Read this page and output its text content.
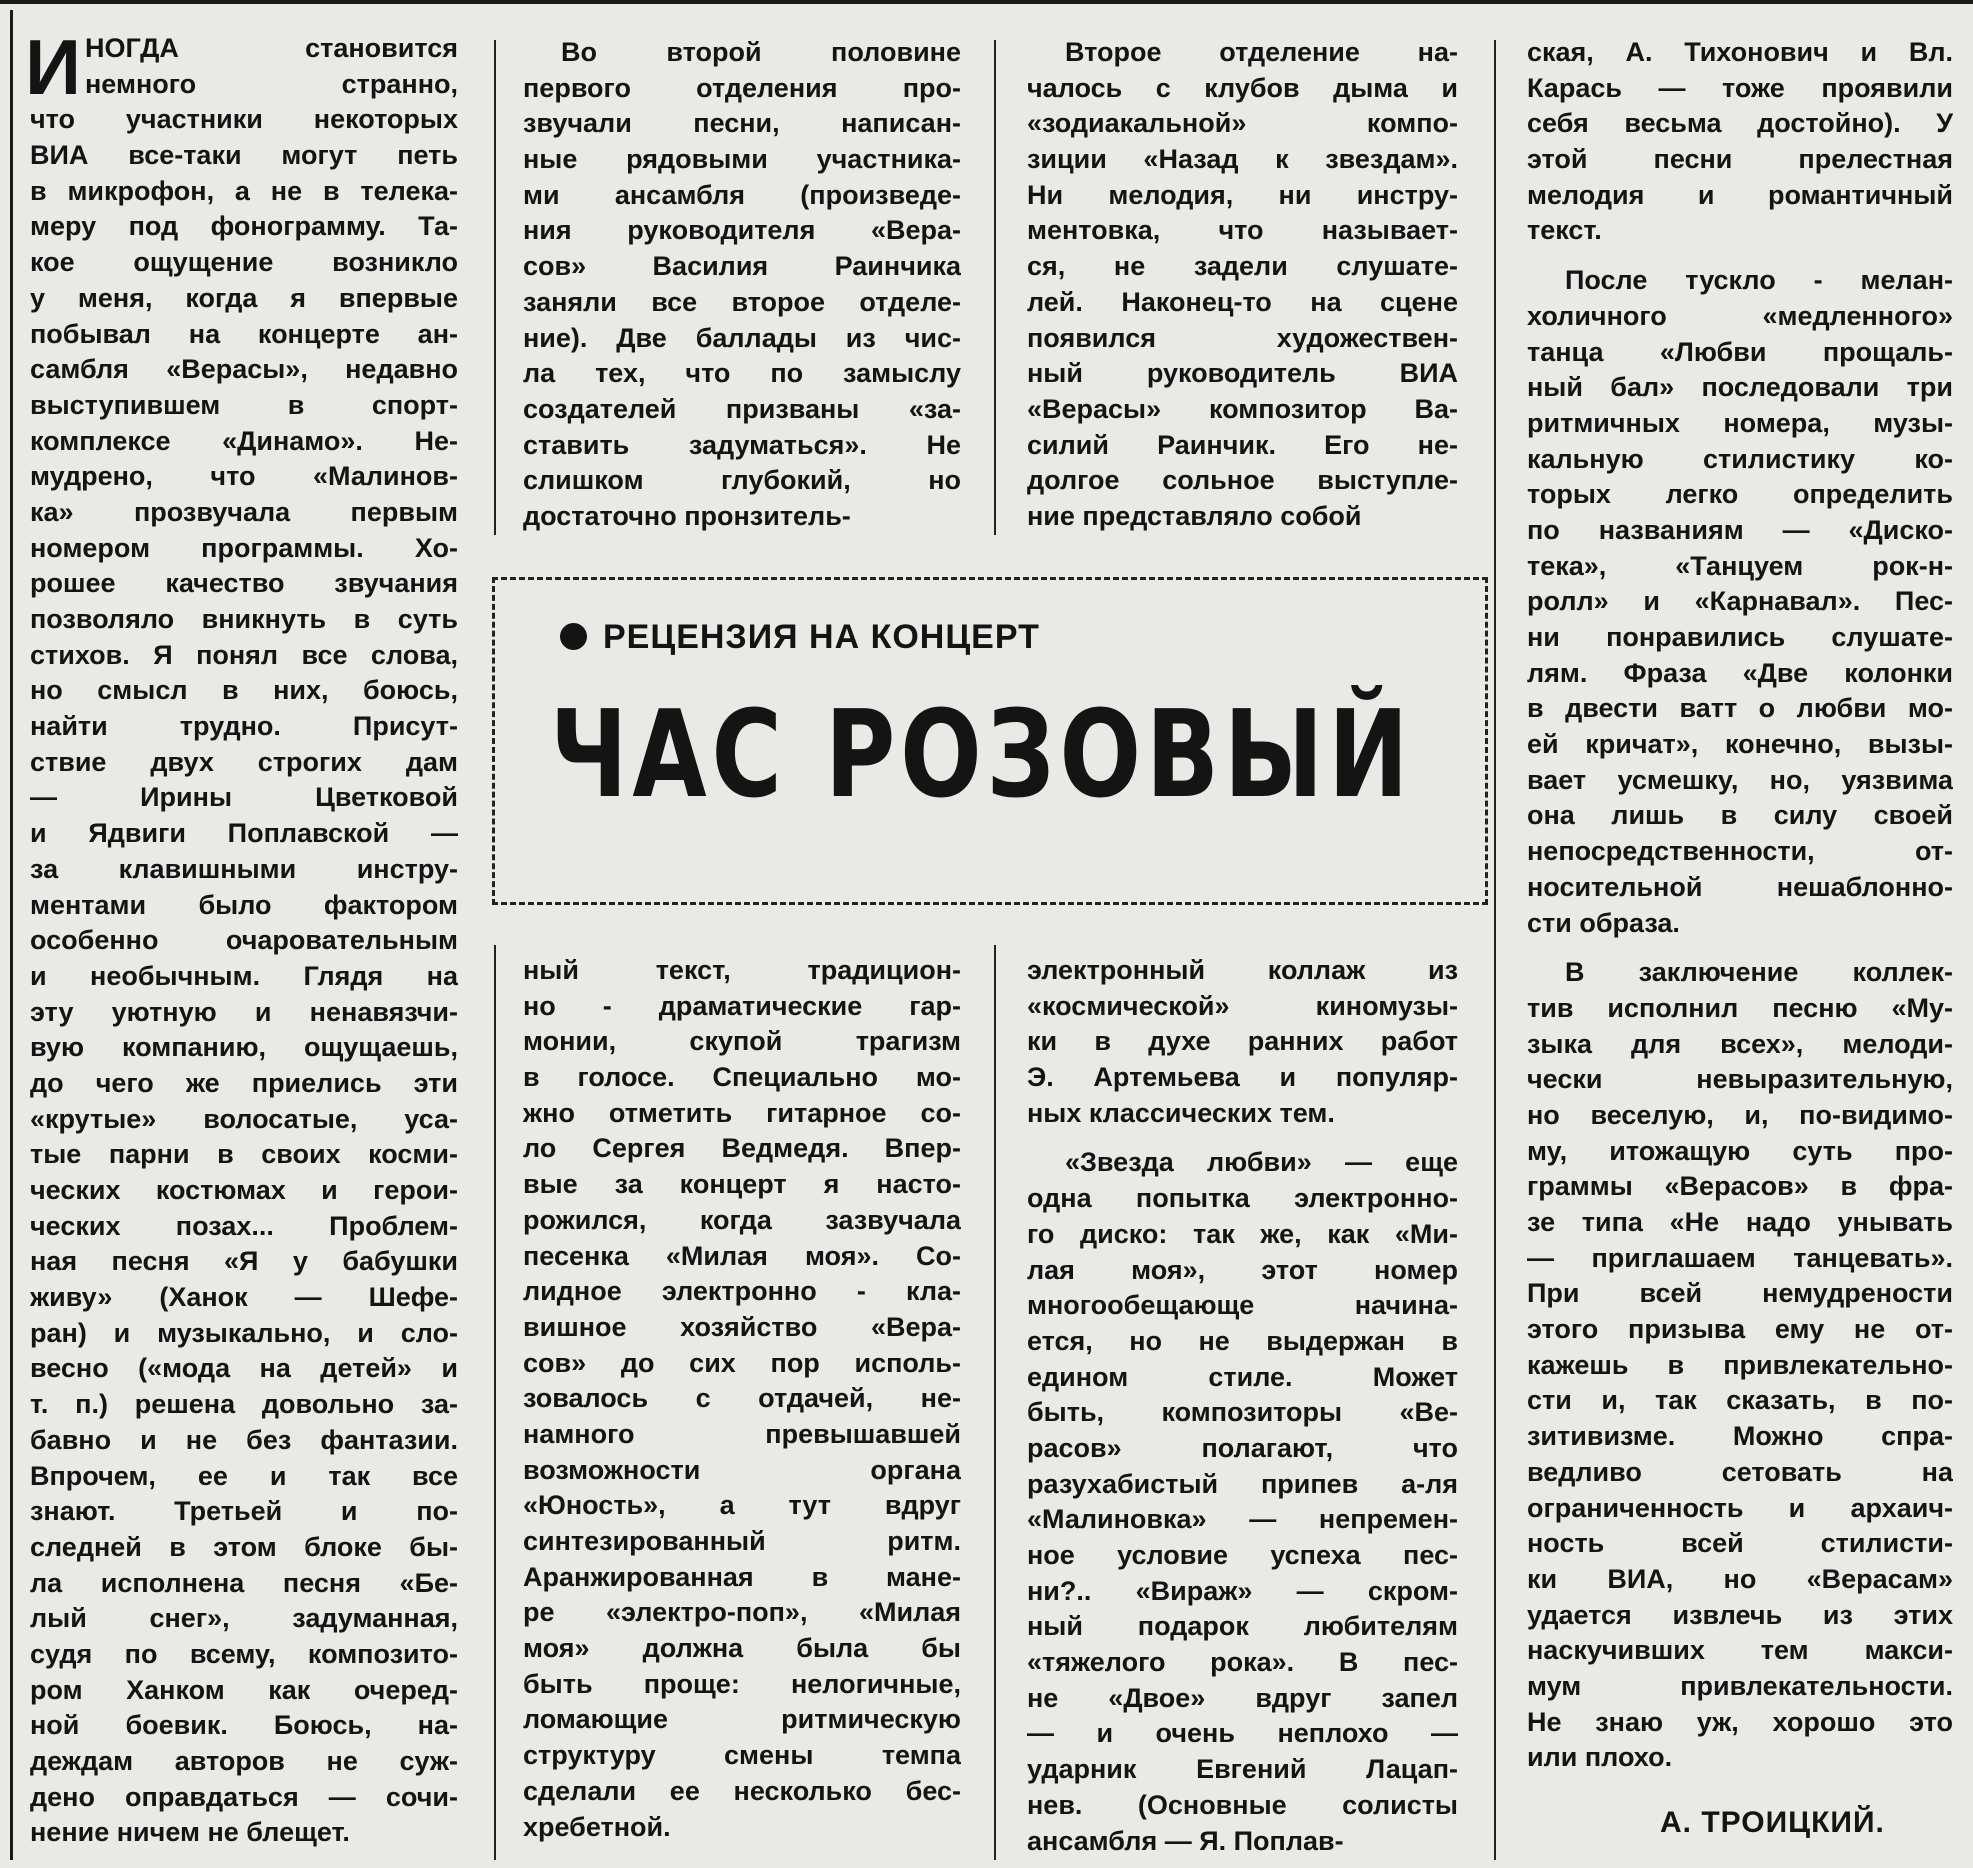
И НОГДА становится
немного странно,
что участники некоторых
ВИА все-таки могут петь
в микрофон, а не в телека-
меру под фонограмму. Та-
кое ощущение возникло
у меня, когда я впервые
побывал на концерте ан-
самбля «Верасы», недавно
выступившем в спорт-
комплексе «Динамо». Не-
мудрено, что «Малинов-
ка» прозвучала первым
номером программы. Хо-
рошее качество звучания
позволяло вникнуть в суть
стихов. Я понял все слова,
но смысл в них, боюсь,
найти трудно. Присут-
ствие двух строгих дам
— Ирины Цветковой
и Ядвиги Поплавской —
за клавишными инстру-
ментами было фактором
особенно очаровательным
и необычным. Глядя на
эту уютную и ненавязчи-
вую компанию, ощущаешь,
до чего же приелись эти
«крутые» волосатые, уса-
тые парни в своих косми-
ческих костюмах и герои-
ческих позах... Проблем-
ная песня «Я у бабушки
живу» (Ханок — Шефе-
ран) и музыкально, и сло-
весно («мода на детей» и
т. п.) решена довольно за-
бавно и не без фантазии.
Впрочем, ее и так все
знают. Третьей и по-
следней в этом блоке бы-
ла исполнена песня «Бе-
лый снег», задуманная,
судя по всему, композито-
ром Ханком как очеред-
ной боевик. Боюсь, на-
деждам авторов не суж-
дено оправдаться — сочи-
нение ничем не блещет.
Во второй половине
первого отделения про-
звучали песни, написан-
ные рядовыми участника-
ми ансамбля (произведе-
ния руководителя «Вера-
сов» Василия Раинчика
заняли все второе отделе-
ние). Две баллады из чис-
ла тех, что по замыслу
создателей призваны «за-
ставить задуматься». Не
слишком глубокий, но
достаточно пронзитель-
ный текст, традицион-
но - драматические гар-
монии, скупой трагизм
в голосе. Специально мо-
жно отметить гитарное со-
ло Сергея Ведмедя. Впер-
вые за концерт я насто-
рожился, когда зазвучала
песенка «Милая моя». Со-
лидное электронно - кла-
вишное хозяйство «Вера-
сов» до сих пор исполь-
зовалось с отдачей, не-
намного превышавшей
возможности органа
«Юность», а тут вдруг
синтезированный ритм.
Аранжированная в мане-
ре «электро-поп», «Милая
моя» должна была бы
быть проще: нелогичные,
ломающие ритмическую
структуру смены темпа
сделали ее несколько бес-
хребетной.
Второе отделение на-
чалось с клубов дыма и
«зодиакальной» компо-
зиции «Назад к звездам».
Ни мелодия, ни инстру-
ментовка, что называет-
ся, не задели слушате-
лей. Наконец-то на сцене
появился художествен-
ный руководитель ВИА
«Верасы» композитор Ва-
силий Раинчик. Его не-
долгое сольное выступле-
ние представляло собой
электронный коллаж из
«космической» киномузы-
ки в духе ранних работ
Э. Артемьева и популяр-
ных классических тем.
«Звезда любви» — еще
одна попытка электронно-
го диско: так же, как «Ми-
лая моя», этот номер
многообещающе начина-
ется, но не выдержан в
едином стиле. Может
быть, композиторы «Ве-
расов» полагают, что
разухабистый припев а-ля
«Малиновка» — непремен-
ное условие успеха пес-
ни?.. «Вираж» — скром-
ный подарок любителям
«тяжелого рока». В пес-
не «Двое» вдруг запел
— и очень неплохо —
ударник Евгений Лацап-
нев. (Основные солисты
ансамбля — Я. Поплав-
ская, А. Тихонович и Вл.
Карась — тоже проявили
себя весьма достойно). У
этой песни прелестная
мелодия и романтичный
текст.
После тускло - мелан-
холичного «медленного»
танца «Любви прощаль-
ный бал» последовали три
ритмичных номера, музы-
кальную стилистику ко-
торых легко определить
по названиям — «Диско-
тека», «Танцуем рок-н-
ролл» и «Карнавал». Пес-
ни понравились слушате-
лям. Фраза «Две колонки
в двести ватт о любви мо-
ей кричат», конечно, вызы-
вает усмешку, но, уязвима
она лишь в силу своей
непосредственности, от-
носительной нешаблонно-
сти образа.
В заключение коллек-
тив исполнил песню «Му-
зыка для всех», мелоди-
чески невыразительную,
но веселую, и, по-видимо-
му, итожащую суть про-
граммы «Верасов» в фра-
зе типа «Не надо унывать
— приглашаем танцевать».
При всей немудрености
этого призыва ему не от-
кажешь в привлекательно-
сти и, так сказать, в по-
зитивизме. Можно спра-
ведливо сетовать на
ограниченность и архаич-
ность всей стилисти-
ки ВИА, но «Верасам»
удается извлечь из этих
наскучивших тем макси-
мум привлекательности.
Не знаю уж, хорошо это
или плохо.
РЕЦЕНЗИЯ НА КОНЦЕРТ
ЧАС РОЗОВЫЙ
А. ТРОИЦКИЙ.
